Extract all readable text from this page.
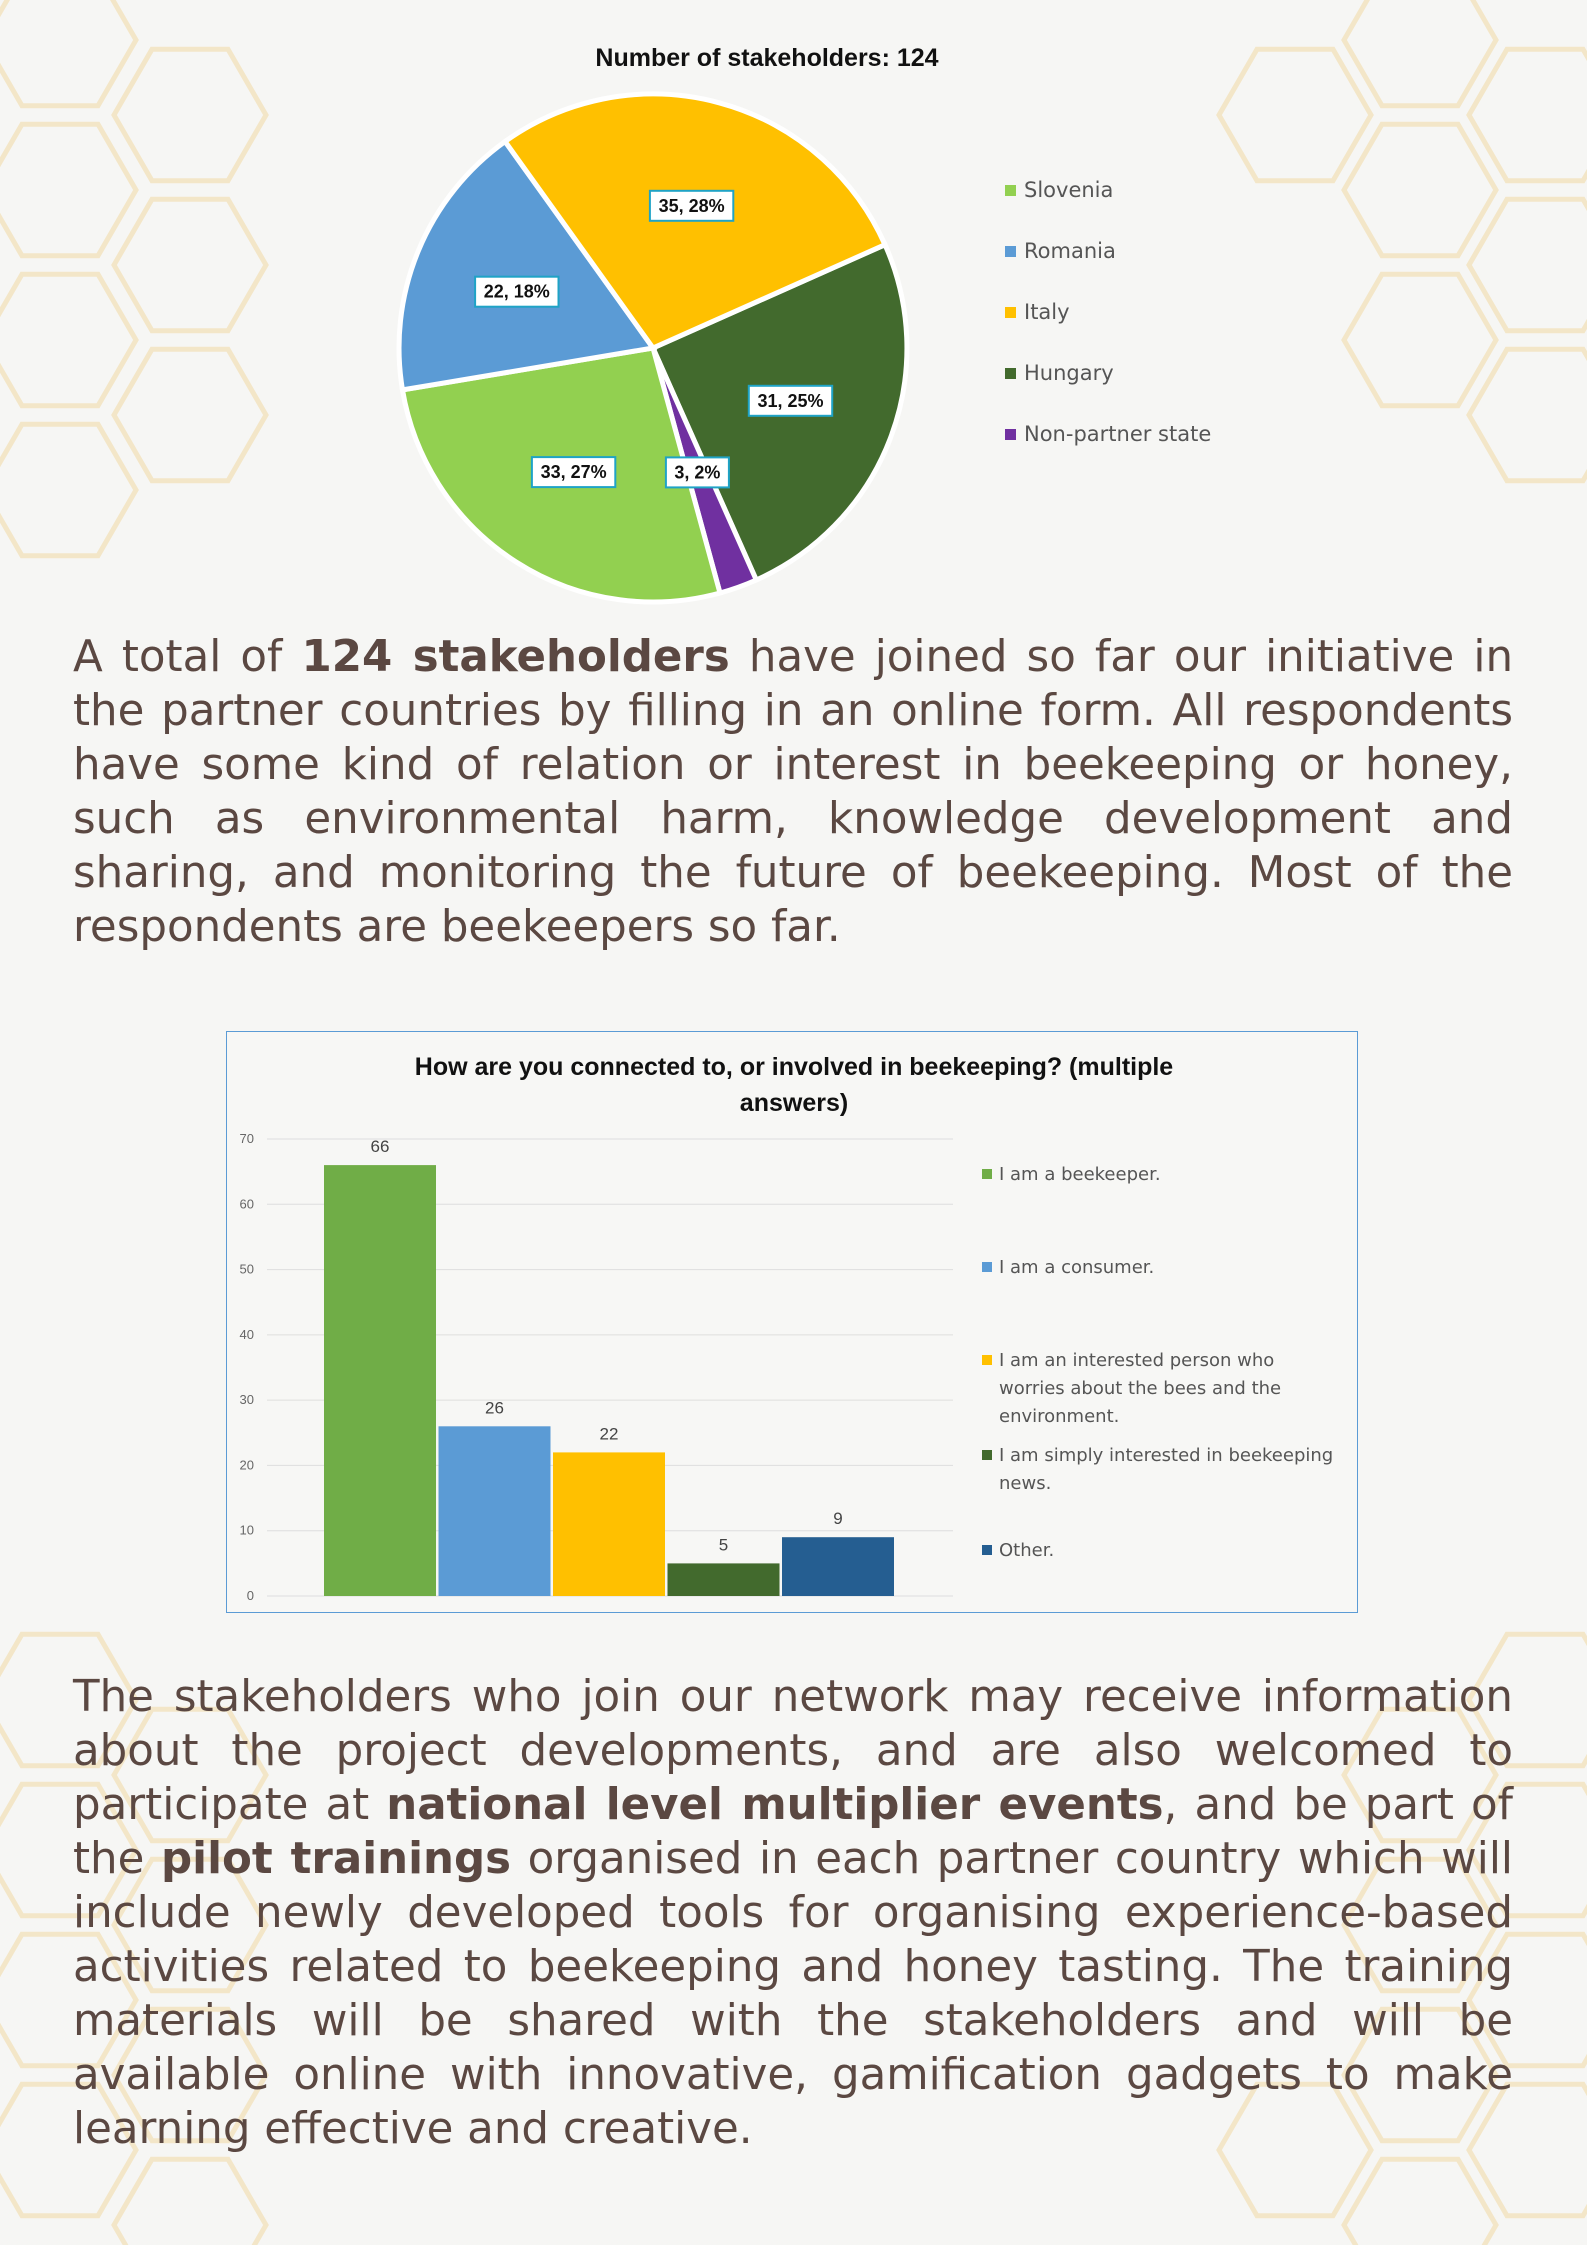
Number of stakeholders: 124
31, 25%
3, 2%
33, 27%
22, 18%
35, 28%
Slovenia
Romania
Italy
Hungary
Non-partner state

A total of 124 stakeholders have joined so far our initiative in the partner countries by filling in an online form. All respondents have some kind of relation or interest in beekeeping or honey, such as environmental harm, knowledge development and sharing, and monitoring the future of beekeeping. Most of the respondents are beekeepers so far.

How are you connected to, or involved in beekeeping? (multiple
answers)
0
10
20
30
40
50
60
70	66
26
22
5
9
I am a beekeeper.
I am a consumer.
I am an interested person who
worries about the bees and the
environment.
I am simply interested in beekeeping
news.
Other.

The stakeholders who join our network may receive information about the project developments, and are also welcomed to participate at national level multiplier events, and be part of the pilot trainings organised in each partner country which will include newly developed tools for organising experience-based activities related to beekeeping and honey tasting. The training materials will be shared with the stakeholders and will be available online with innovative, gamification gadgets to make learning effective and creative.
